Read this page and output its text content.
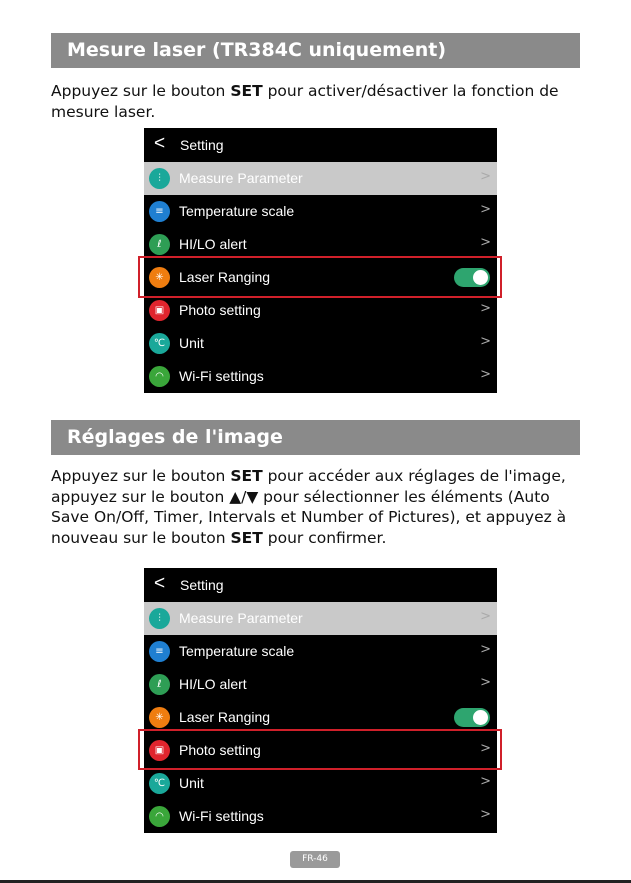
Mesure laser (TR384C uniquement)

Appuyez sur le bouton SET pour activer/désactiver la fonction de mesure laser.

< Setting
⫶	Measure Parameter	>
≡	Temperature scale	>
ℓ	HI/LO alert	>
✳	Laser Ranging
▣	Photo setting	>
℃ Unit	>
◠	Wi-Fi settings	>
Réglages de l'image

Appuyez sur le bouton SET pour accéder aux réglages de l'image, appuyez sur le bouton ▲/▼ pour sélectionner les éléments (Auto Save On/Off, Timer, Intervals et Number of Pictures), et appuyez à nouveau sur le bouton SET pour confirmer.

< Setting
⫶	Measure Parameter	>
≡	Temperature scale	>
ℓ	HI/LO alert	>
✳	Laser Ranging
▣	Photo setting	>
℃ Unit	>
◠	Wi-Fi settings	>
FR-46
